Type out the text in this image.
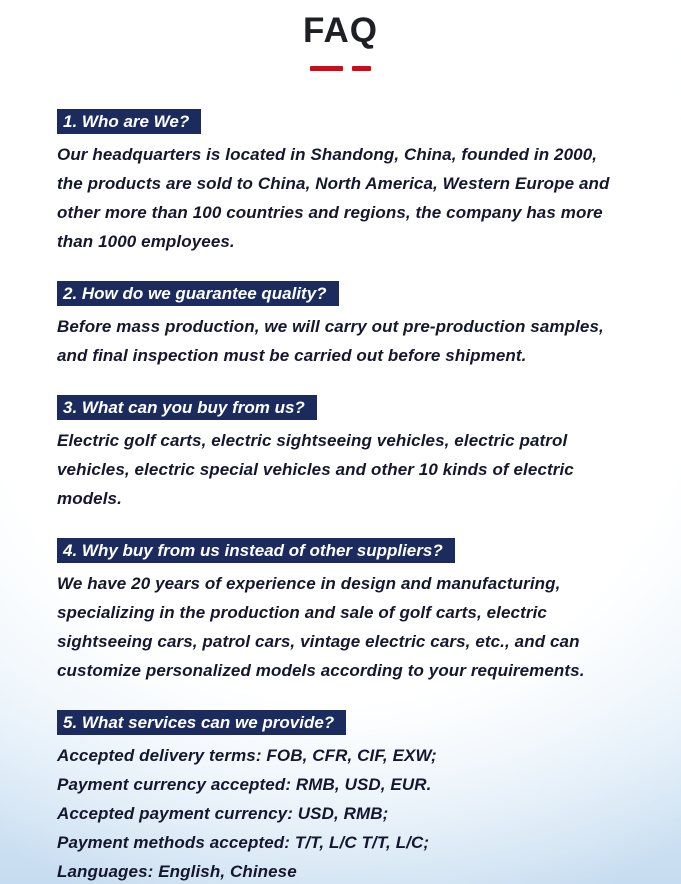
FAQ
1. Who are We?

Our headquarters is located in Shandong, China, founded in 2000, the products are sold to China, North America, Western Europe and other more than 100 countries and regions, the company has more than 1000 employees.

2. How do we guarantee quality?

Before mass production, we will carry out pre-production samples, and final inspection must be carried out before shipment.

3. What can you buy from us?

Electric golf carts, electric sightseeing vehicles, electric patrol vehicles, electric special vehicles and other 10 kinds of electric models.

4. Why buy from us instead of other suppliers?

We have 20 years of experience in design and manufacturing, specializing in the production and sale of golf carts, electric sightseeing cars, patrol cars, vintage electric cars, etc., and can customize personalized models according to your requirements.

5. What services can we provide?
Accepted delivery terms: FOB, CFR, CIF, EXW;
Payment currency accepted: RMB, USD, EUR.
Accepted payment currency: USD, RMB;
Payment methods accepted: T/T, L/C T/T, L/C;
Languages: English, Chinese
